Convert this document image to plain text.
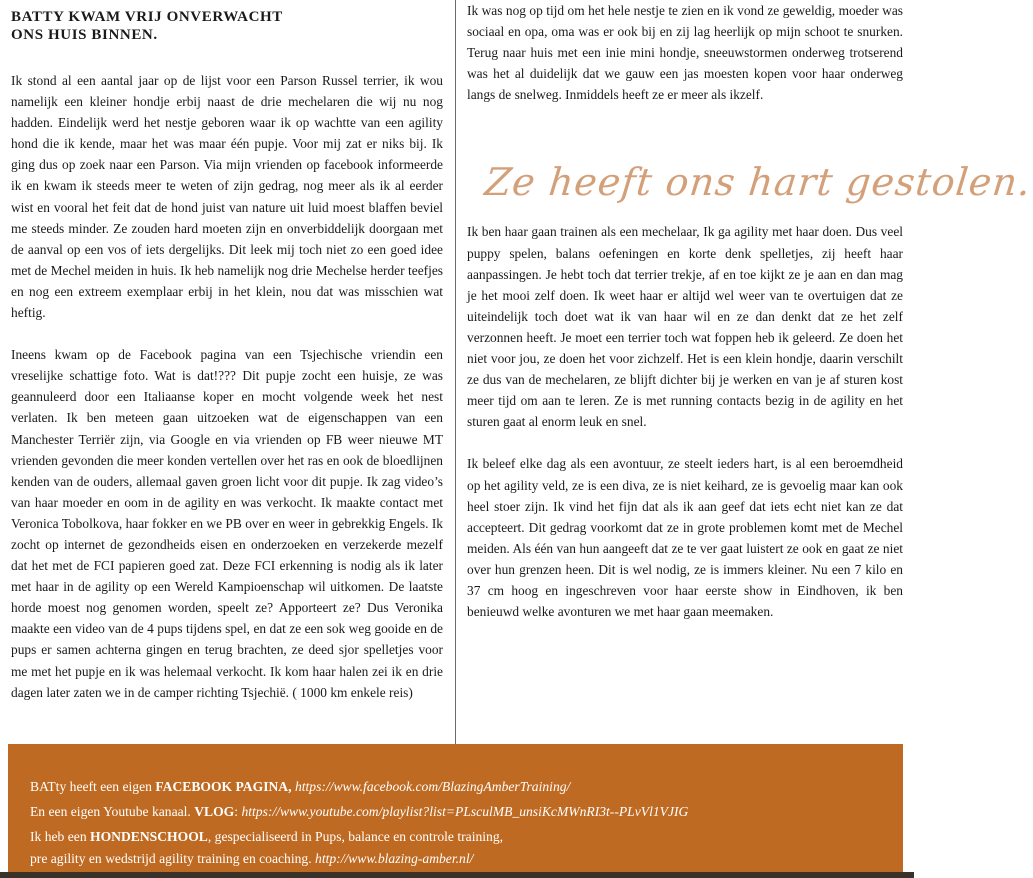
BATTY KWAM VRIJ ONVERWACHT
ONS HUIS BINNEN.

Ik stond al een aantal jaar op de lijst voor een Parson Russel terrier, ik wou namelijk een kleiner hondje erbij naast de drie mechelaren die wij nu nog hadden. Eindelijk werd het nestje geboren waar ik op wachtte van een agility hond die ik kende, maar het was maar één pupje. Voor mij zat er niks bij. Ik ging dus op zoek naar een Parson. Via mijn vrienden op facebook informeerde ik en kwam ik steeds meer te weten of zijn gedrag, nog meer als ik al eerder wist en vooral het feit dat de hond juist van nature uit luid moest blaffen beviel me steeds minder. Ze zouden hard moeten zijn en onverbiddelijk doorgaan met de aanval op een vos of iets dergelijks. Dit leek mij toch niet zo een goed idee met de Mechel meiden in huis. Ik heb namelijk nog drie Mechelse herder teefjes en nog een extreem exemplaar erbij in het klein, nou dat was misschien wat heftig.

Ineens kwam op de Facebook pagina van een Tsjechische vriendin een vreselijke schattige foto. Wat is dat!??? Dit pupje zocht een huisje, ze was geannuleerd door een Italiaanse koper en mocht volgende week het nest verlaten. Ik ben meteen gaan uitzoeken wat de eigenschappen van een Manchester Terriër zijn, via Google en via vrienden op FB weer nieuwe MT vrienden gevonden die meer konden vertellen over het ras en ook de bloedlijnen kenden van de ouders, allemaal gaven groen licht voor dit pupje. Ik zag video’s van haar moeder en oom in de agility en was verkocht. Ik maakte contact met Veronica Tobolkova, haar fokker en we PB over en weer in gebrekkig Engels. Ik zocht op internet de gezondheids eisen en onderzoeken en verzekerde mezelf dat het met de FCI papieren goed zat. Deze FCI erkenning is nodig als ik later met haar in de agility op een Wereld Kampioenschap wil uitkomen. De laatste horde moest nog genomen worden, speelt ze? Apporteert ze? Dus Veronika maakte een video van de 4 pups tijdens spel, en dat ze een sok weg gooide en de pups er samen achterna gingen en terug brachten, ze deed sjor spelletjes voor me met het pupje en ik was helemaal verkocht. Ik kom haar halen zei ik en drie dagen later zaten we in de camper richting Tsjechië. ( 1000 km enkele reis)

Ik was nog op tijd om het hele nestje te zien en ik vond ze geweldig, moeder was sociaal en opa, oma was er ook bij en zij lag heerlijk op mijn schoot te snurken. Terug naar huis met een inie mini hondje, sneeuwstormen onderweg trotserend was het al duidelijk dat we gauw een jas moesten kopen voor haar onderweg langs de snelweg. Inmiddels heeft ze er meer als ikzelf.

Ze heeft ons hart gestolen.

Ik ben haar gaan trainen als een mechelaar, Ik ga agility met haar doen. Dus veel puppy spelen, balans oefeningen en korte denk spelletjes, zij heeft haar aanpassingen. Je hebt toch dat terrier trekje, af en toe kijkt ze je aan en dan mag je het mooi zelf doen. Ik weet haar er altijd wel weer van te overtuigen dat ze uiteindelijk toch doet wat ik van haar wil en ze dan denkt dat ze het zelf verzonnen heeft. Je moet een terrier toch wat foppen heb ik geleerd. Ze doen het niet voor jou, ze doen het voor zichzelf. Het is een klein hondje, daarin verschilt ze dus van de mechelaren, ze blijft dichter bij je werken en van je af sturen kost meer tijd om aan te leren. Ze is met running contacts bezig in de agility en het sturen gaat al enorm leuk en snel.

Ik beleef elke dag als een avontuur, ze steelt ieders hart, is al een beroemdheid op het agility veld, ze is een diva, ze is niet keihard, ze is gevoelig maar kan ook heel stoer zijn. Ik vind het fijn dat als ik aan geef dat iets echt niet kan ze dat accepteert. Dit gedrag voorkomt dat ze in grote problemen komt met de Mechel meiden. Als één van hun aangeeft dat ze te ver gaat luistert ze ook en gaat ze niet over hun grenzen heen. Dit is wel nodig, ze is immers kleiner. Nu een 7 kilo en 37 cm hoog en ingeschreven voor haar eerste show in Eindhoven, ik ben benieuwd welke avonturen we met haar gaan meemaken.

BATty heeft een eigen FACEBOOK PAGINA, https://www.facebook.com/BlazingAmberTraining/
En een eigen Youtube kanaal. VLOG: https://www.youtube.com/playlist?list=PLsculMB_unsiKcMWnRI3t--PLvVl1VJIG
Ik heb een HONDENSCHOOL, gespecialiseerd in Pups, balance en controle training,
pre agility en wedstrijd agility training en coaching. http://www.blazing-amber.nl/
